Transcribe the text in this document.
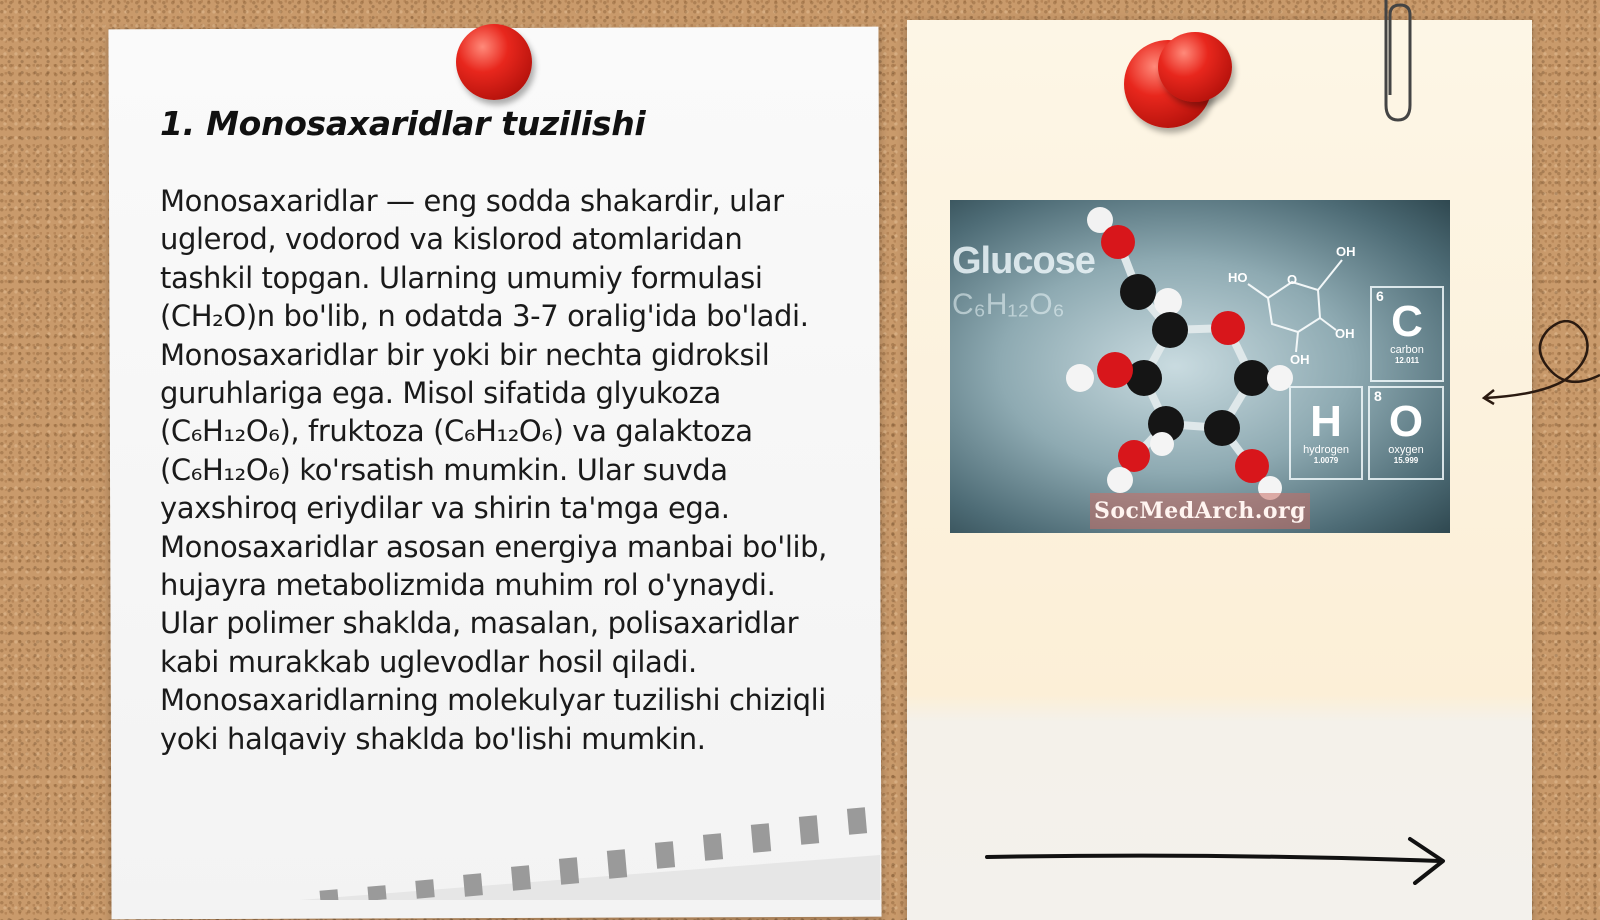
1. Monosaxaridlar tuzilishi

Monosaxaridlar — eng sodda shakardir, ular uglerod, vodorod va kislorod atomlaridan tashkil topgan. Ularning umumiy formulasi (CH₂O)n bo'lib, n odatda 3-7 oralig'ida bo'ladi. Monosaxaridlar bir yoki bir nechta gidroksil guruhlariga ega. Misol sifatida glyukoza (C₆H₁₂O₆), fruktoza (C₆H₁₂O₆) va galaktoza (C₆H₁₂O₆) ko'rsatish mumkin. Ular suvda yaxshiroq eriydilar va shirin ta'mga ega. Monosaxaridlar asosan energiya manbai bo'lib, hujayra metabolizmida muhim rol o'ynaydi. Ular polimer shaklda, masalan, polisaxaridlar kabi murakkab uglevodlar hosil qiladi. Monosaxaridlarning molekulyar tuzilishi chiziqli yoki halqaviy shaklda bo'lishi mumkin.

Glucose
C₆H₁₂O₆
OH
HO	O
OH
OH
6
C
carbon
12.011
H
hydrogen
1.0079
8
O
oxygen
15.999
SocMedArch.org
